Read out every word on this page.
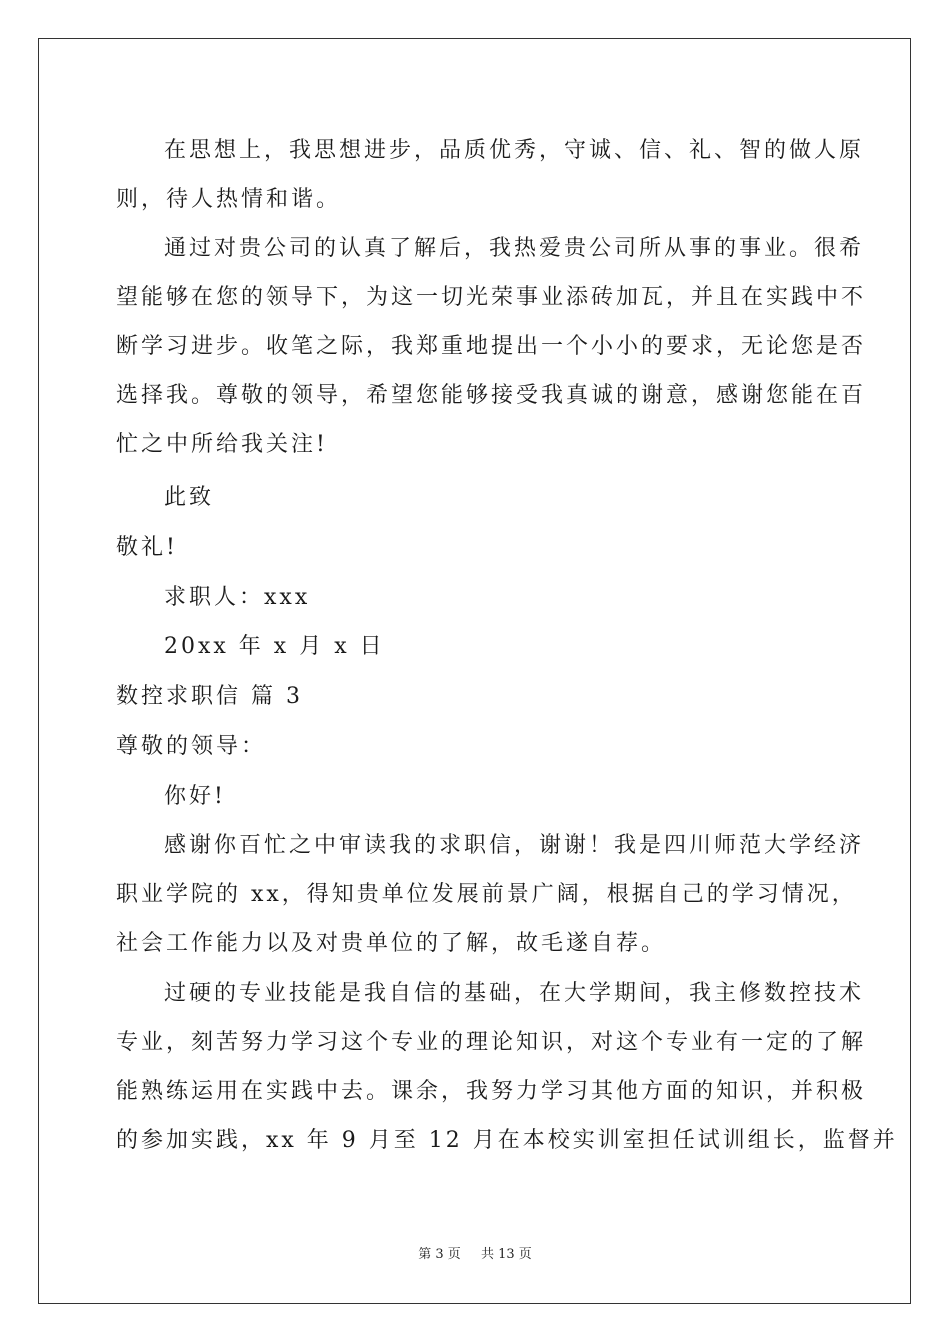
在思想上，我思想进步，品质优秀，守诚、信、礼、智的做人原
则，待人热情和谐。
通过对贵公司的认真了解后，我热爱贵公司所从事的事业。很希
望能够在您的领导下，为这一切光荣事业添砖加瓦，并且在实践中不
断学习进步。收笔之际，我郑重地提出一个小小的要求，无论您是否
选择我。尊敬的领导，希望您能够接受我真诚的谢意，感谢您能在百
忙之中所给我关注!
此致
敬礼!
求职人：xxx
20xx 年 x 月 x 日
数控求职信 篇 3
尊敬的领导：
你好!
感谢你百忙之中审读我的求职信，谢谢！我是四川师范大学经济
职业学院的 xx，得知贵单位发展前景广阔，根据自己的学习情况，
社会工作能力以及对贵单位的了解，故毛遂自荐。
过硬的专业技能是我自信的基础，在大学期间，我主修数控技术
专业，刻苦努力学习这个专业的理论知识，对这个专业有一定的了解
能熟练运用在实践中去。课余，我努力学习其他方面的知识，并积极
的参加实践，xx 年 9 月至 12 月在本校实训室担任试训组长，监督并
第 3 页 共 13 页
